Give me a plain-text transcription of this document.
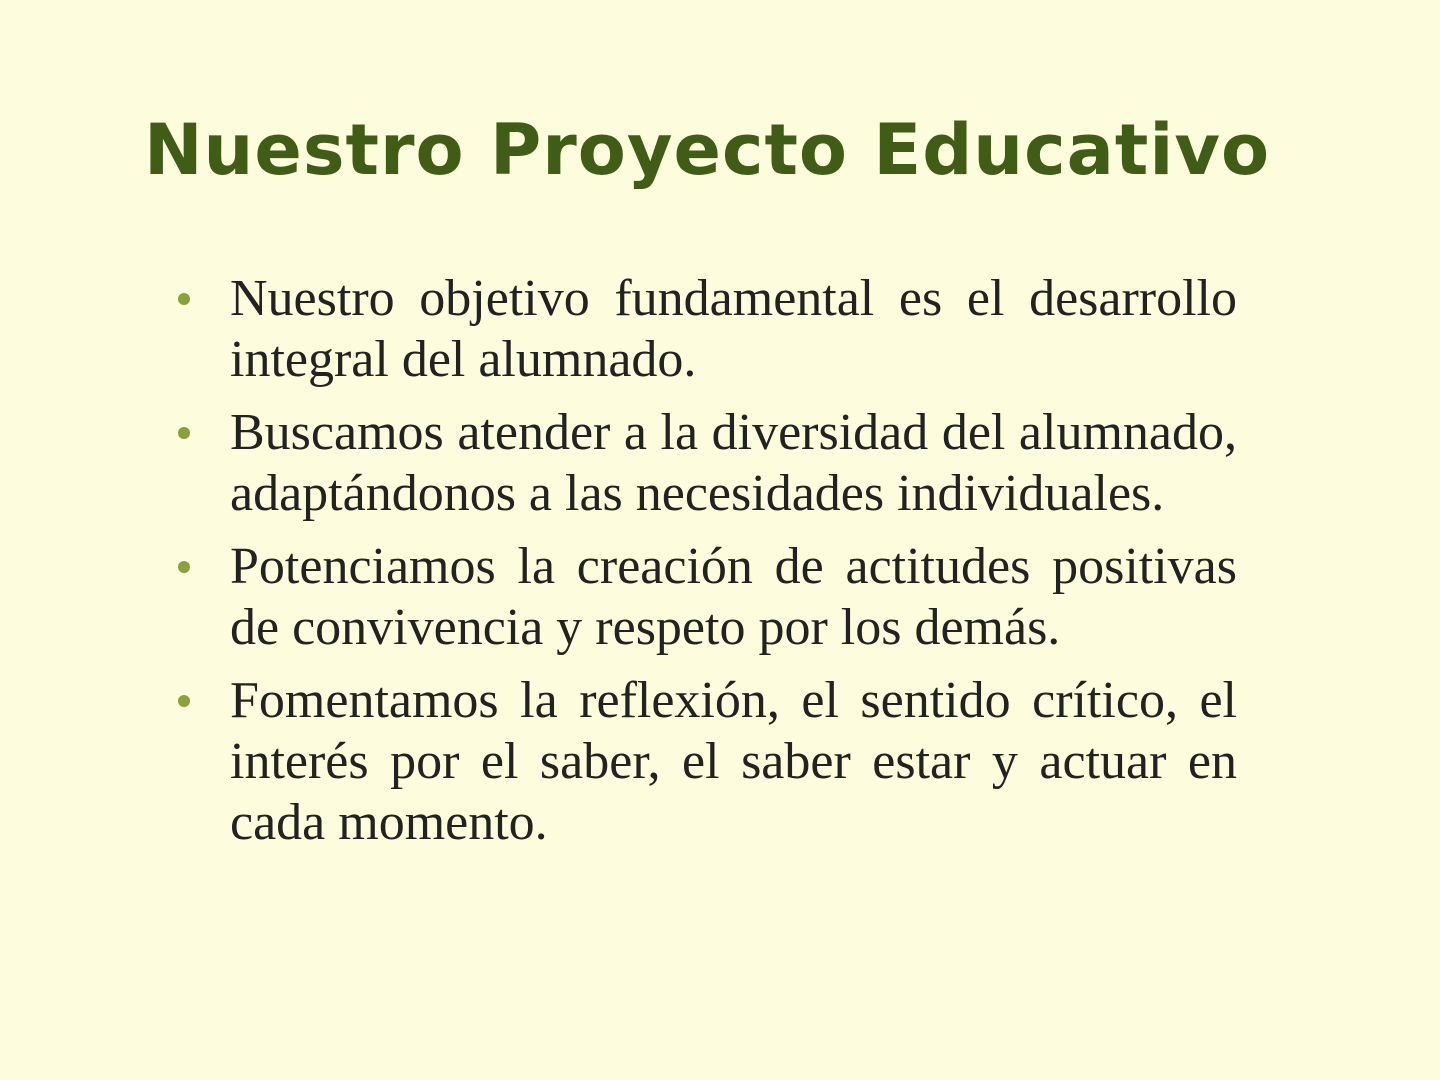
Nuestro Proyecto Educativo
Nuestro objetivo fundamental es el desarrollo integral del alumnado.
Buscamos atender a la diversidad del alumnado, adaptándonos a las necesidades individuales.
Potenciamos la creación de actitudes positivas de convivencia y respeto por los demás.
Fomentamos la reflexión, el sentido crítico, el interés por el saber, el saber estar y actuar en cada momento.
